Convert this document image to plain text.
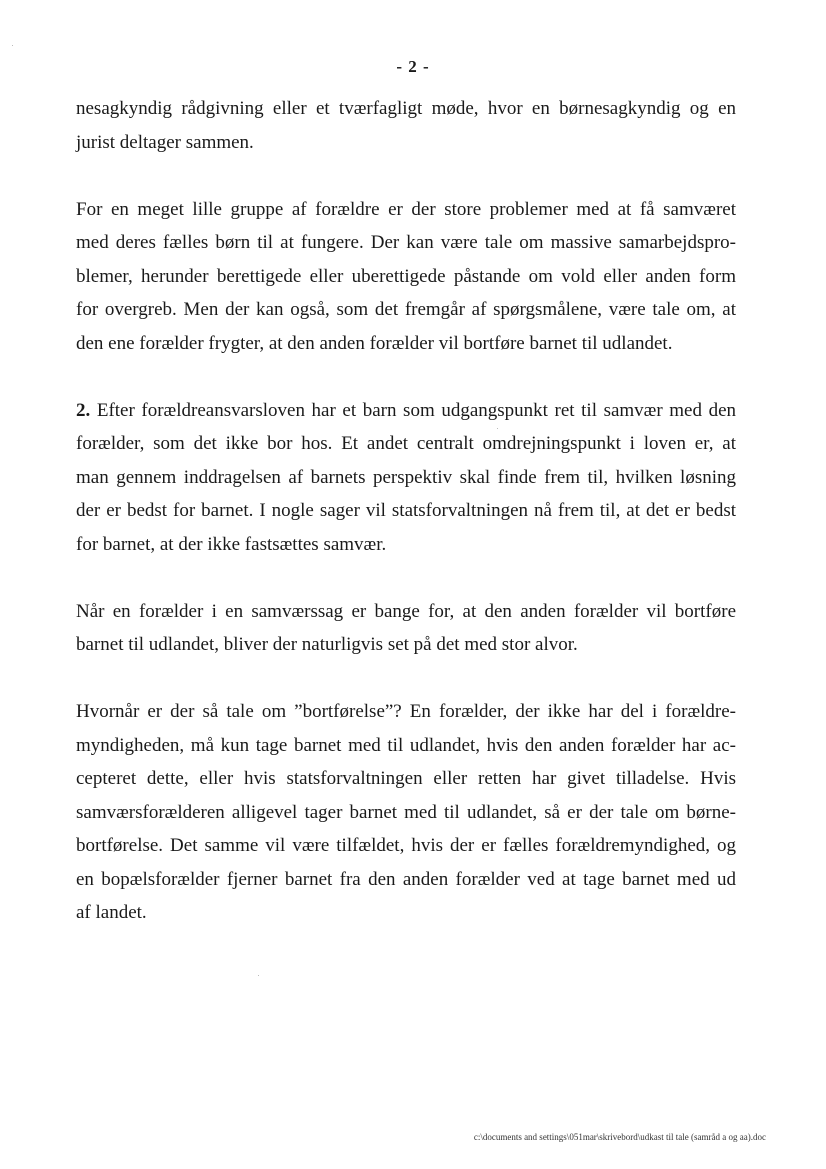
- 2 -

nesagkyndig rådgivning eller et tværfagligt møde, hvor en børnesagkyndig og en
jurist deltager sammen.

For en meget lille gruppe af forældre er der store problemer med at få samværet
med deres fælles børn til at fungere. Der kan være tale om massive samarbejdspro-
blemer, herunder berettigede eller uberettigede påstande om vold eller anden form
for overgreb. Men der kan også, som det fremgår af spørgsmålene, være tale om, at
den ene forælder frygter, at den anden forælder vil bortføre barnet til udlandet.

2. Efter forældreansvarsloven har et barn som udgangspunkt ret til samvær med den
forælder, som det ikke bor hos. Et andet centralt omdrejningspunkt i loven er, at
man gennem inddragelsen af barnets perspektiv skal finde frem til, hvilken løsning
der er bedst for barnet. I nogle sager vil statsforvaltningen nå frem til, at det er bedst
for barnet, at der ikke fastsættes samvær.

Når en forælder i en samværssag er bange for, at den anden forælder vil bortføre
barnet til udlandet, bliver der naturligvis set på det med stor alvor.

Hvornår er der så tale om ”bortførelse”? En forælder, der ikke har del i forældre-
myndigheden, må kun tage barnet med til udlandet, hvis den anden forælder har ac-
cepteret dette, eller hvis statsforvaltningen eller retten har givet tilladelse. Hvis
samværsforælderen alligevel tager barnet med til udlandet, så er der tale om børne-
bortførelse. Det samme vil være tilfældet, hvis der er fælles forældremyndighed, og
en bopælsforælder fjerner barnet fra den anden forælder ved at tage barnet med ud
af landet.

c:\documents and settings\051mar\skrivebord\udkast til tale (samråd a og aa).doc
